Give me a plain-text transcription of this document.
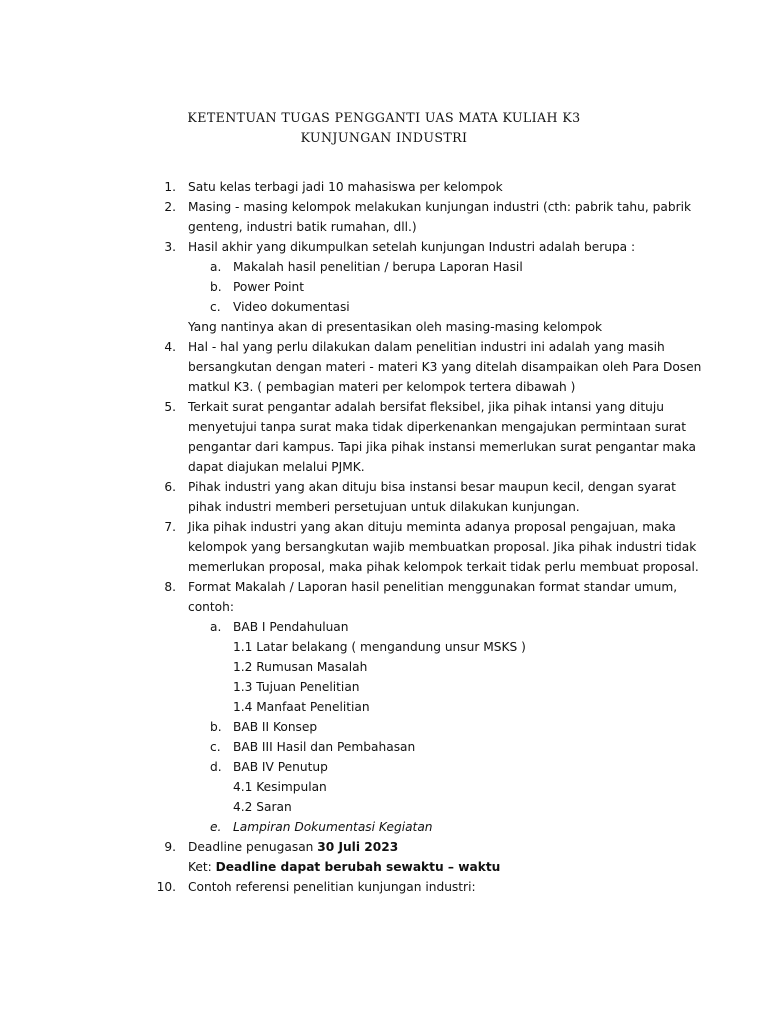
KETENTUAN TUGAS PENGGANTI UAS MATA KULIAH K3
KUNJUNGAN INDUSTRI
1. Satu kelas terbagi jadi 10 mahasiswa per kelompok
2. Masing - masing kelompok melakukan kunjungan industri (cth: pabrik tahu, pabrik
genteng, industri batik rumahan, dll.)
3. Hasil akhir yang dikumpulkan setelah kunjungan Industri adalah berupa :
a. Makalah hasil penelitian / berupa Laporan Hasil
b. Power Point
c. Video dokumentasi
Yang nantinya akan di presentasikan oleh masing-masing kelompok
4. Hal - hal yang perlu dilakukan dalam penelitian industri ini adalah yang masih
bersangkutan dengan materi - materi K3 yang ditelah disampaikan oleh Para Dosen
matkul K3. ( pembagian materi per kelompok tertera dibawah )
5. Terkait surat pengantar adalah bersifat fleksibel, jika pihak intansi yang dituju
menyetujui tanpa surat maka tidak diperkenankan mengajukan permintaan surat
pengantar dari kampus. Tapi jika pihak instansi memerlukan surat pengantar maka
dapat diajukan melalui PJMK.
6. Pihak industri yang akan dituju bisa instansi besar maupun kecil, dengan syarat
pihak industri memberi persetujuan untuk dilakukan kunjungan.
7. Jika pihak industri yang akan dituju meminta adanya proposal pengajuan, maka
kelompok yang bersangkutan wajib membuatkan proposal. Jika pihak industri tidak
memerlukan proposal, maka pihak kelompok terkait tidak perlu membuat proposal.
8. Format Makalah / Laporan hasil penelitian menggunakan format standar umum,
contoh:
a. BAB I Pendahuluan
1.1 Latar belakang ( mengandung unsur MSKS )
1.2 Rumusan Masalah
1.3 Tujuan Penelitian
1.4 Manfaat Penelitian
b. BAB II Konsep
c. BAB III Hasil dan Pembahasan
d. BAB IV Penutup
4.1 Kesimpulan
4.2 Saran
e. Lampiran Dokumentasi Kegiatan
9. Deadline penugasan 30 Juli 2023
Ket: Deadline dapat berubah sewaktu – waktu
10. Contoh referensi penelitian kunjungan industri:
